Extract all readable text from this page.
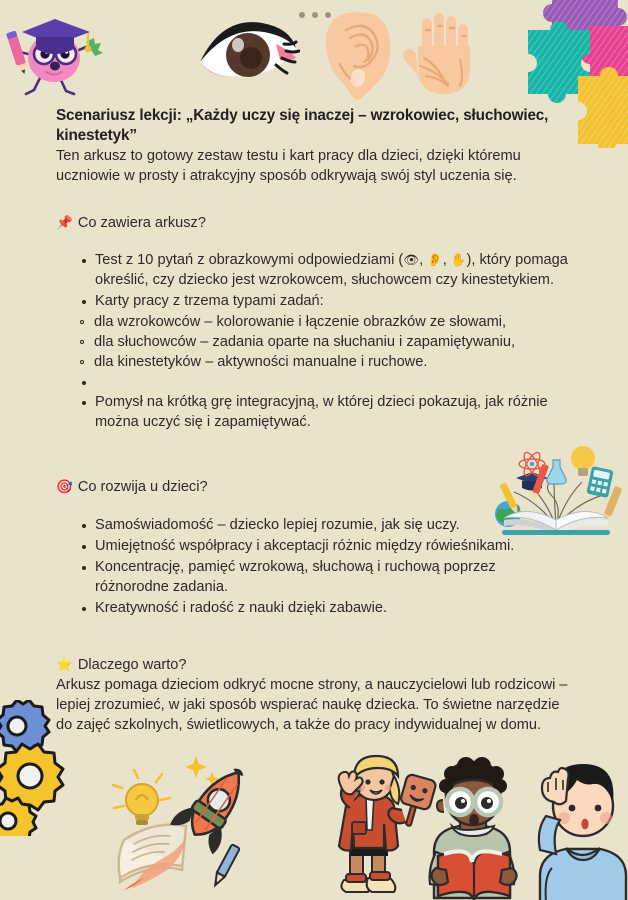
Scenariusz lekcji: „Każdy uczy się inaczej – wzrokowiec, słuchowiec, kinestetyk”

Ten arkusz to gotowy zestaw testu i kart pracy dla dzieci, dzięki któremu uczniowie w prosty i atrakcyjny sposób odkrywają swój styl uczenia się.

📌 Co zawiera arkusz?
Test z 10 pytań z obrazkowymi odpowiedziami (👁, 👂, ✋), który pomaga określić, czy dziecko jest wzrokowcem, słuchowcem czy kinestetykiem.
Karty pracy z trzema typami zadań:
dla wzrokowców – kolorowanie i łączenie obrazków ze słowami,
dla słuchowców – zadania oparte na słuchaniu i zapamiętywaniu,
dla kinestetyków – aktywności manualne i ruchowe.
Pomysł na krótką grę integracyjną, w której dzieci pokazują, jak różnie można uczyć się i zapamiętywać.
🎯 Co rozwija u dzieci?
Samoświadomość – dziecko lepiej rozumie, jak się uczy.
Umiejętność współpracy i akceptacji różnic między rówieśnikami.
Koncentrację, pamięć wzrokową, słuchową i ruchową poprzez różnorodne zadania.
Kreatywność i radość z nauki dzięki zabawie.
⭐ Dlaczego warto?

Arkusz pomaga dzieciom odkryć mocne strony, a nauczycielowi lub rodzicowi – lepiej zrozumieć, w jaki sposób wspierać naukę dziecka. To świetne narzędzie do zajęć szkolnych, świetlicowych, a także do pracy indywidualnej w domu.
